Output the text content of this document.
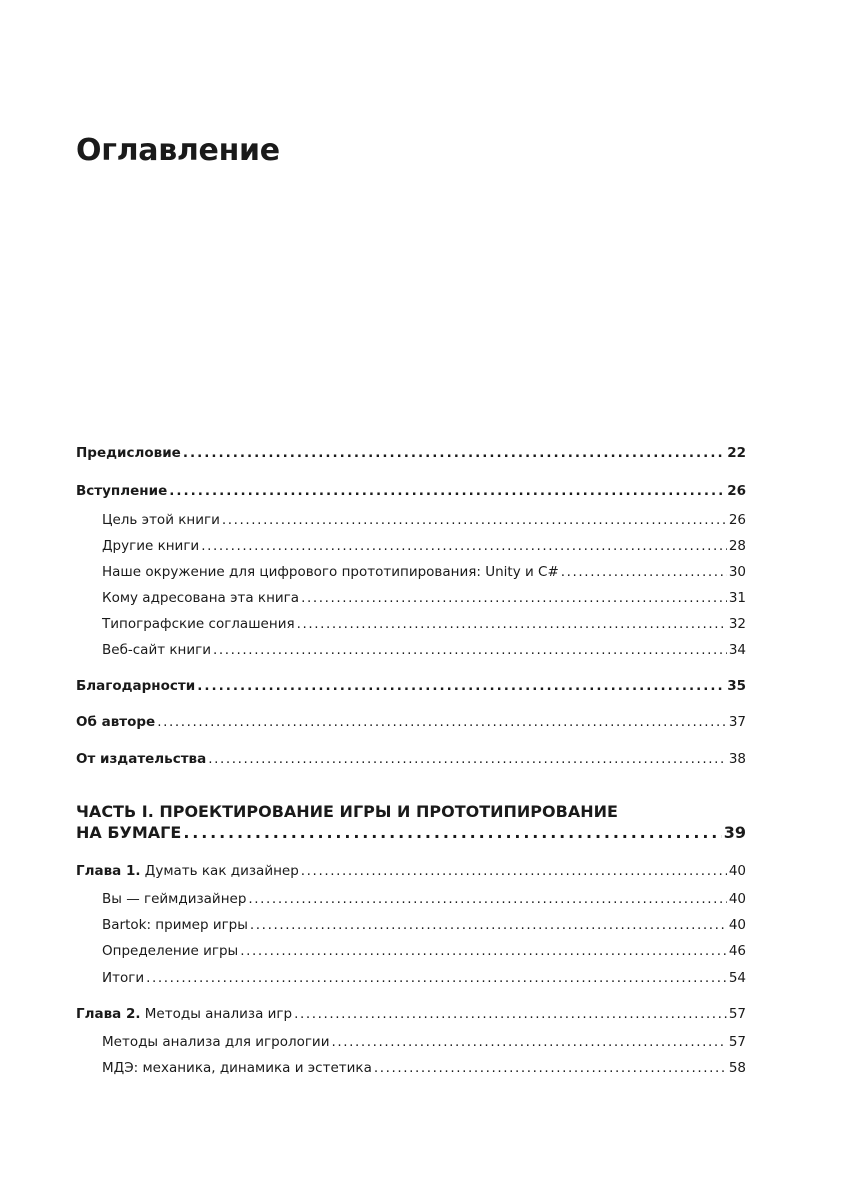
Оглавление
Предисловие . . .	22
Вступление . . .	26
Цель этой книги . . .	26
Другие книги . . .	28
Наше окружение для цифрового прототипирования: Unity и C# . . .	30
Кому адресована эта книга . . .	31
Типографские соглашения . . .	32
Веб-сайт книги . . .	34
Благодарности . . .	35
Об авторе . . .	37
От издательства . . .	38
ЧАСТЬ I. ПРОЕКТИРОВАНИЕ ИГРЫ И ПРОТОТИПИРОВАНИЕ
НА БУМАГЕ . . .	39
Глава 1. Думать как дизайнер . . .	40
Вы — геймдизайнер . . .	40
Bartok: пример игры . . .	40
Определение игры . . .	46
Итоги . . .	54
Глава 2. Методы анализа игр . . .	57
Методы анализа для игрологии . . .	57
МДЭ: механика, динамика и эстетика . . .	58
